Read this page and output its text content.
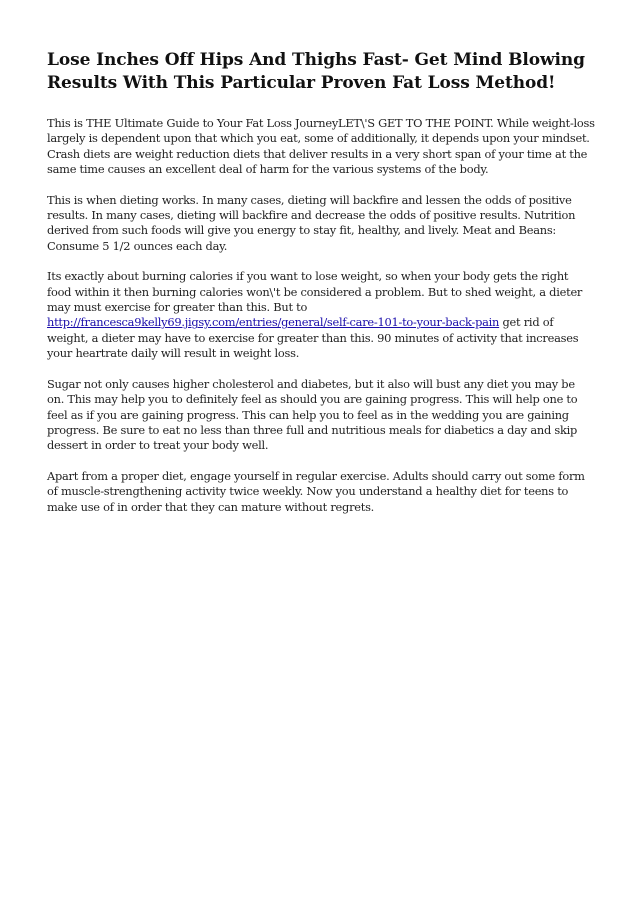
Lose Inches Off Hips And Thighs Fast- Get Mind Blowing Results With This Particular Proven Fat Loss Method!

This is THE Ultimate Guide to Your Fat Loss JourneyLET\'S GET TO THE POINT. While weight-loss largely is dependent upon that which you eat, some of additionally, it depends upon your mindset. Crash diets are weight reduction diets that deliver results in a very short span of your time at the same time causes an excellent deal of harm for the various systems of the body.

This is when dieting works. In many cases, dieting will backfire and lessen the odds of positive results. In many cases, dieting will backfire and decrease the odds of positive results. Nutrition derived from such foods will give you energy to stay fit, healthy, and lively. Meat and Beans: Consume 5 1/2 ounces each day.

Its exactly about burning calories if you want to lose weight, so when your body gets the right food within it then burning calories won\'t be considered a problem. But to shed weight, a dieter may must exercise for greater than this. But to http://francesca9kelly69.jigsy.com/entries/general/self-care-101-to-your-back-pain get rid of weight, a dieter may have to exercise for greater than this. 90 minutes of activity that increases your heartrate daily will result in weight loss.

Sugar not only causes higher cholesterol and diabetes, but it also will bust any diet you may be on. This may help you to definitely feel as should you are gaining progress. This will help one to feel as if you are gaining progress. This can help you to feel as in the wedding you are gaining progress. Be sure to eat no less than three full and nutritious meals for diabetics a day and skip dessert in order to treat your body well.

Apart from a proper diet, engage yourself in regular exercise. Adults should carry out some form of muscle-strengthening activity twice weekly. Now you understand a healthy diet for teens to make use of in order that they can mature without regrets.
